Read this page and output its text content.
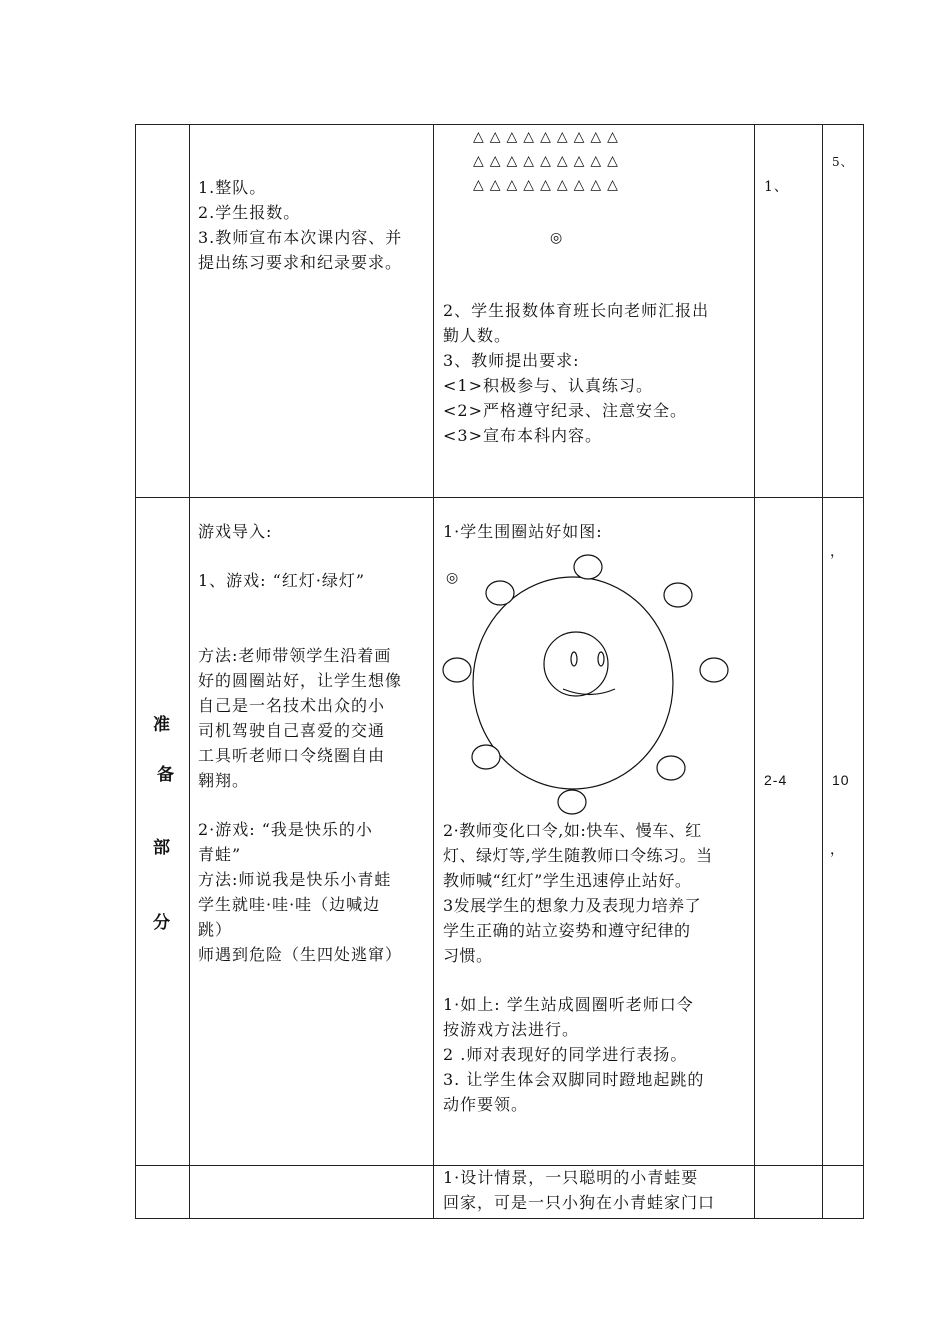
1.整队。
2.学生报数。
3.教师宣布本次课内容、并
提出练习要求和纪录要求。
△△△△△△△△△
△△△△△△△△△
△△△△△△△△△
◎
2、学生报数体育班长向老师汇报出
勤人数。
3、教师提出要求:
<1>积极参与、认真练习。
<2>严格遵守纪录、注意安全。
<3>宣布本科内容。
1、
5、
准
备
部
分
游戏导入:
1、游戏: “红灯·绿灯”
方法:老师带领学生沿着画
好的圆圈站好，让学生想像
自己是一名技术出众的小
司机驾驶自己喜爱的交通
工具听老师口令绕圈自由
翱翔。
2·游戏: “我是快乐的小
青蛙”
方法:师说我是快乐小青蛙
学生就哇·哇·哇（边喊边
跳）
师遇到危险（生四处逃窜）
1·学生围圈站好如图:
◎
2·教师变化口令,如:快车、慢车、红
灯、绿灯等,学生随教师口令练习。当
教师喊“红灯”学生迅速停止站好。
3发展学生的想象力及表现力培养了
学生正确的站立姿势和遵守纪律的
习惯。
1·如上: 学生站成圆圈听老师口令
按游戏方法进行。
2 .师对表现好的同学进行表扬。
3. 让学生体会双脚同时蹬地起跳的
动作要领。
2-4
，
10
，
1·设计情景，一只聪明的小青蛙要
回家，可是一只小狗在小青蛙家门口
